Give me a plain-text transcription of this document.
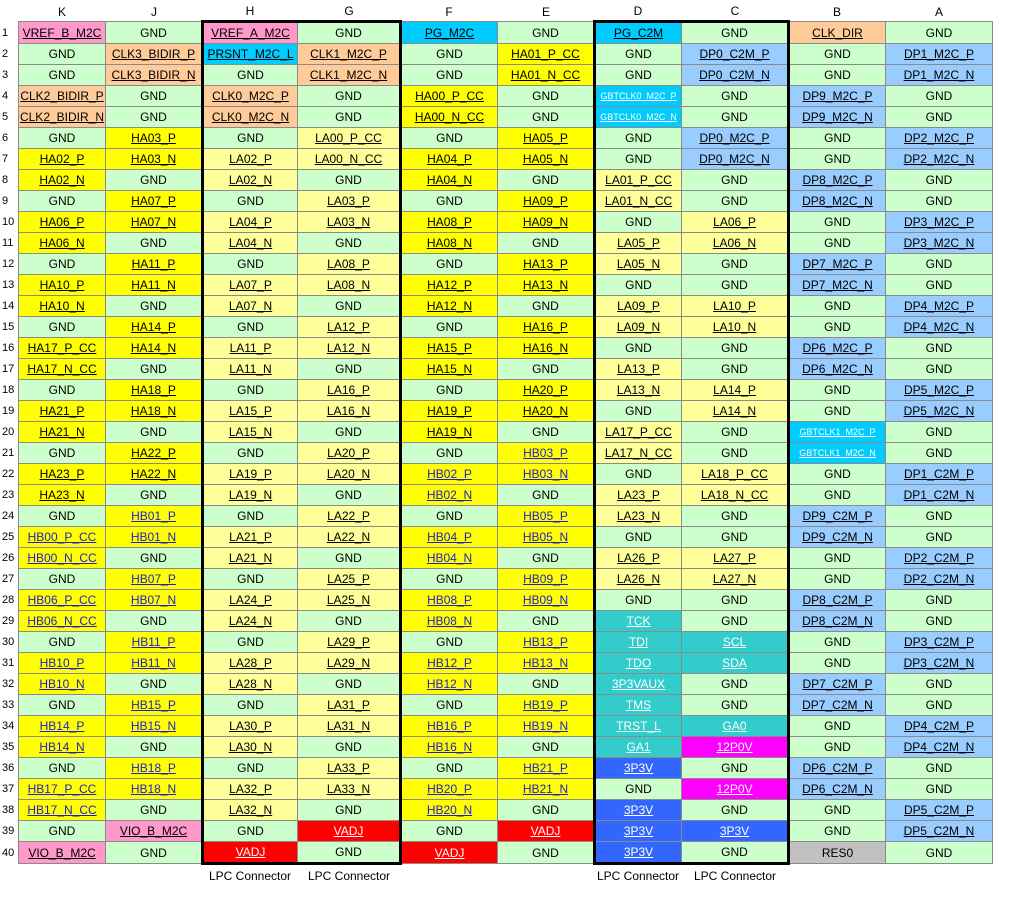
	K	J	H	G	F	E	D	C	B	A
1	VREF_B_M2C	GND	VREF_A_M2C	GND	PG_M2C	GND	PG_C2M	GND	CLK_DIR	GND
2	GND	CLK3_BIDIR_P	PRSNT_M2C_L	CLK1_M2C_P	GND	HA01_P_CC	GND	DP0_C2M_P	GND	DP1_M2C_P
3	GND	CLK3_BIDIR_N	GND	CLK1_M2C_N	GND	HA01_N_CC	GND	DP0_C2M_N	GND	DP1_M2C_N
4	CLK2_BIDIR_P	GND	CLK0_M2C_P	GND	HA00_P_CC	GND	GBTCLK0_M2C_P	GND	DP9_M2C_P	GND
5	CLK2_BIDIR_N	GND	CLK0_M2C_N	GND	HA00_N_CC	GND	GBTCLK0_M2C_N	GND	DP9_M2C_N	GND
6	GND	HA03_P	GND	LA00_P_CC	GND	HA05_P	GND	DP0_M2C_P	GND	DP2_M2C_P
7	HA02_P	HA03_N	LA02_P	LA00_N_CC	HA04_P	HA05_N	GND	DP0_M2C_N	GND	DP2_M2C_N
8	HA02_N	GND	LA02_N	GND	HA04_N	GND	LA01_P_CC	GND	DP8_M2C_P	GND
9	GND	HA07_P	GND	LA03_P	GND	HA09_P	LA01_N_CC	GND	DP8_M2C_N	GND
10	HA06_P	HA07_N	LA04_P	LA03_N	HA08_P	HA09_N	GND	LA06_P	GND	DP3_M2C_P
11	HA06_N	GND	LA04_N	GND	HA08_N	GND	LA05_P	LA06_N	GND	DP3_M2C_N
12	GND	HA11_P	GND	LA08_P	GND	HA13_P	LA05_N	GND	DP7_M2C_P	GND
13	HA10_P	HA11_N	LA07_P	LA08_N	HA12_P	HA13_N	GND	GND	DP7_M2C_N	GND
14	HA10_N	GND	LA07_N	GND	HA12_N	GND	LA09_P	LA10_P	GND	DP4_M2C_P
15	GND	HA14_P	GND	LA12_P	GND	HA16_P	LA09_N	LA10_N	GND	DP4_M2C_N
16	HA17_P_CC	HA14_N	LA11_P	LA12_N	HA15_P	HA16_N	GND	GND	DP6_M2C_P	GND
17	HA17_N_CC	GND	LA11_N	GND	HA15_N	GND	LA13_P	GND	DP6_M2C_N	GND
18	GND	HA18_P	GND	LA16_P	GND	HA20_P	LA13_N	LA14_P	GND	DP5_M2C_P
19	HA21_P	HA18_N	LA15_P	LA16_N	HA19_P	HA20_N	GND	LA14_N	GND	DP5_M2C_N
20	HA21_N	GND	LA15_N	GND	HA19_N	GND	LA17_P_CC	GND	GBTCLK1_M2C_P	GND
21	GND	HA22_P	GND	LA20_P	GND	HB03_P	LA17_N_CC	GND	GBTCLK1_M2C_N	GND
22	HA23_P	HA22_N	LA19_P	LA20_N	HB02_P	HB03_N	GND	LA18_P_CC	GND	DP1_C2M_P
23	HA23_N	GND	LA19_N	GND	HB02_N	GND	LA23_P	LA18_N_CC	GND	DP1_C2M_N
24	GND	HB01_P	GND	LA22_P	GND	HB05_P	LA23_N	GND	DP9_C2M_P	GND
25	HB00_P_CC	HB01_N	LA21_P	LA22_N	HB04_P	HB05_N	GND	GND	DP9_C2M_N	GND
26	HB00_N_CC	GND	LA21_N	GND	HB04_N	GND	LA26_P	LA27_P	GND	DP2_C2M_P
27	GND	HB07_P	GND	LA25_P	GND	HB09_P	LA26_N	LA27_N	GND	DP2_C2M_N
28	HB06_P_CC	HB07_N	LA24_P	LA25_N	HB08_P	HB09_N	GND	GND	DP8_C2M_P	GND
29	HB06_N_CC	GND	LA24_N	GND	HB08_N	GND	TCK	GND	DP8_C2M_N	GND
30	GND	HB11_P	GND	LA29_P	GND	HB13_P	TDI	SCL	GND	DP3_C2M_P
31	HB10_P	HB11_N	LA28_P	LA29_N	HB12_P	HB13_N	TDO	SDA	GND	DP3_C2M_N
32	HB10_N	GND	LA28_N	GND	HB12_N	GND	3P3VAUX	GND	DP7_C2M_P	GND
33	GND	HB15_P	GND	LA31_P	GND	HB19_P	TMS	GND	DP7_C2M_N	GND
34	HB14_P	HB15_N	LA30_P	LA31_N	HB16_P	HB19_N	TRST_L	GA0	GND	DP4_C2M_P
35	HB14_N	GND	LA30_N	GND	HB16_N	GND	GA1	12P0V	GND	DP4_C2M_N
36	GND	HB18_P	GND	LA33_P	GND	HB21_P	3P3V	GND	DP6_C2M_P	GND
37	HB17_P_CC	HB18_N	LA32_P	LA33_N	HB20_P	HB21_N	GND	12P0V	DP6_C2M_N	GND
38	HB17_N_CC	GND	LA32_N	GND	HB20_N	GND	3P3V	GND	GND	DP5_C2M_P
39	GND	VIO_B_M2C	GND	VADJ	GND	VADJ	3P3V	3P3V	GND	DP5_C2M_N
40	VIO_B_M2C	GND	VADJ	GND	VADJ	GND	3P3V	GND	RES0	GND
			LPC Connector	LPC Connector			LPC Connector	LPC Connector		
